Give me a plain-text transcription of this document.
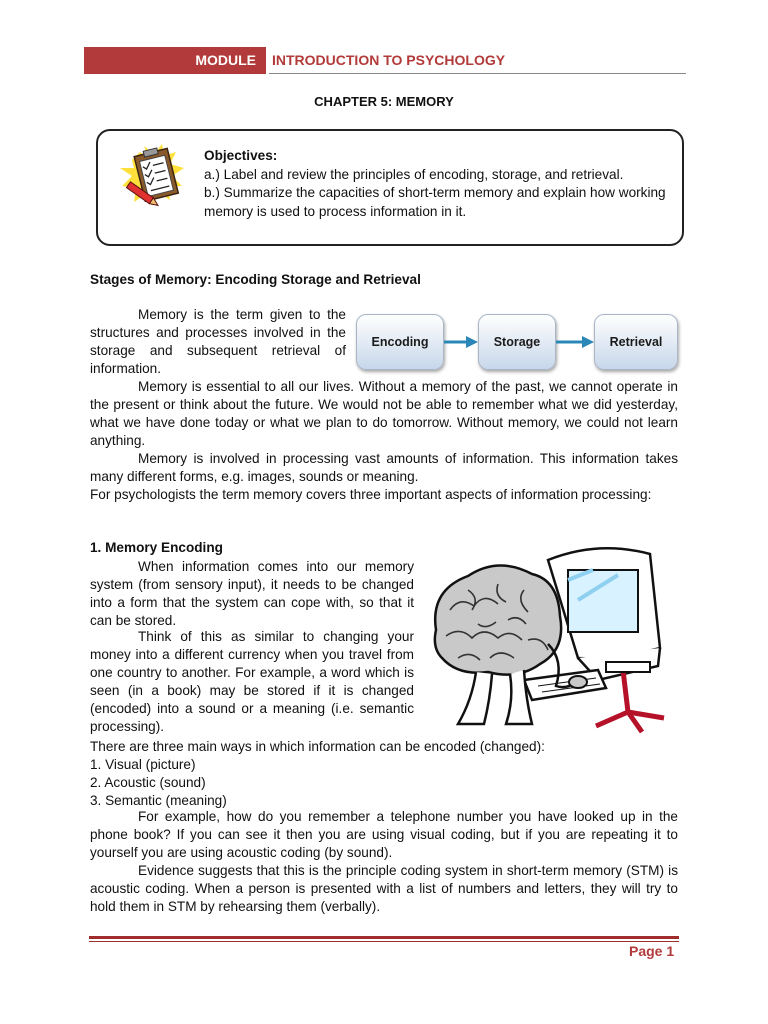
MODULE	INTRODUCTION TO PSYCHOLOGY
CHAPTER 5: MEMORY
Objectives:
a.) Label and review the principles of encoding, storage, and retrieval.
b.) Summarize the capacities of short-term memory and explain how working memory is used to process information in it.
Stages of Memory: Encoding Storage and Retrieval
Memory is the term given to the structures and processes involved in the storage and subsequent retrieval of information.
Encoding	Storage	Retrieval
Memory is essential to all our lives. Without a memory of the past, we cannot operate in the present or think about the future. We would not be able to remember what we did yesterday, what we have done today or what we plan to do tomorrow. Without memory, we could not learn anything.
Memory is involved in processing vast amounts of information. This information takes many different forms, e.g. images, sounds or meaning.
For psychologists the term memory covers three important aspects of information processing:
1. Memory Encoding
When information comes into our memory system (from sensory input), it needs to be changed into a form that the system can cope with, so that it can be stored.
Think of this as similar to changing your money into a different currency when you travel from one country to another. For example, a word which is seen (in a book) may be stored if it is changed (encoded) into a sound or a meaning (i.e. semantic processing).
There are three main ways in which information can be encoded (changed):
1. Visual (picture)
2. Acoustic (sound)
3. Semantic (meaning)
For example, how do you remember a telephone number you have looked up in the phone book? If you can see it then you are using visual coding, but if you are repeating it to yourself you are using acoustic coding (by sound).
Evidence suggests that this is the principle coding system in short-term memory (STM) is acoustic coding. When a person is presented with a list of numbers and letters, they will try to hold them in STM by rehearsing them (verbally).
Page 1
